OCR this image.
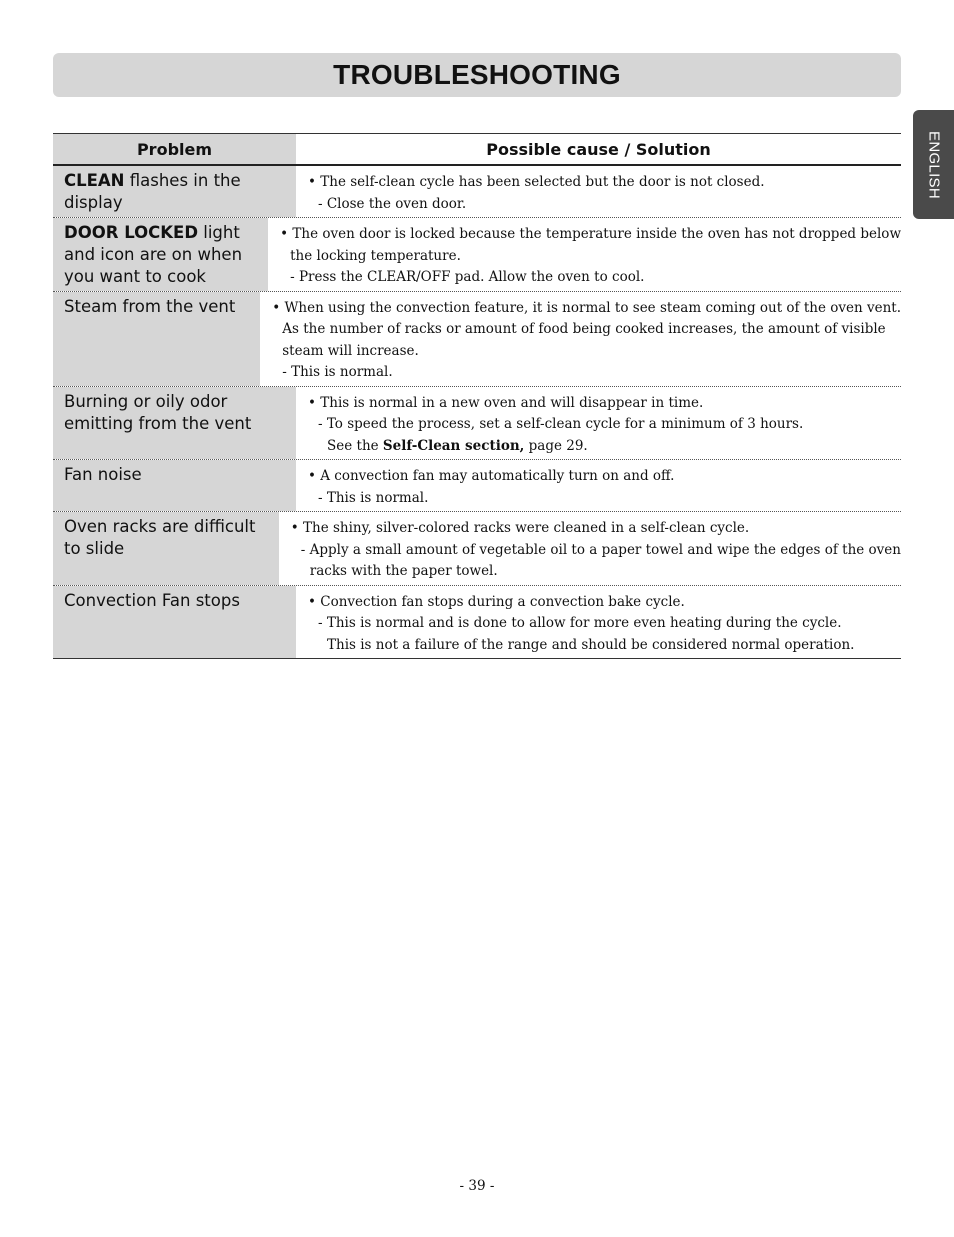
TROUBLESHOOTING
ENGLISH
Problem	Possible cause / Solution
CLEAN flashes in the display
• The self-clean cycle has been selected but the door is not closed.
- Close the oven door.
DOOR LOCKED light and icon are on when you want to cook
• The oven door is locked because the temperature inside the oven has not dropped below
the locking temperature.
- Press the CLEAR/OFF pad. Allow the oven to cool.
Steam from the vent	• When using the convection feature, it is normal to see steam coming out of the oven vent.
As the number of racks or amount of food being cooked increases, the amount of visible
steam will increase.
- This is normal.
Burning or oily odor emitting from the vent
• This is normal in a new oven and will disappear in time.
- To speed the process, set a self-clean cycle for a minimum of 3 hours.
See the Self-Clean section, page 29.
Fan noise	• A convection fan may automatically turn on and off.
- This is normal.
Oven racks are difficult to slide
• The shiny, silver-colored racks were cleaned in a self-clean cycle.
- Apply a small amount of vegetable oil to a paper towel and wipe the edges of the oven
racks with the paper towel.
Convection Fan stops	• Convection fan stops during a convection bake cycle.
- This is normal and is done to allow for more even heating during the cycle.
This is not a failure of the range and should be considered normal operation.
- 39 -
